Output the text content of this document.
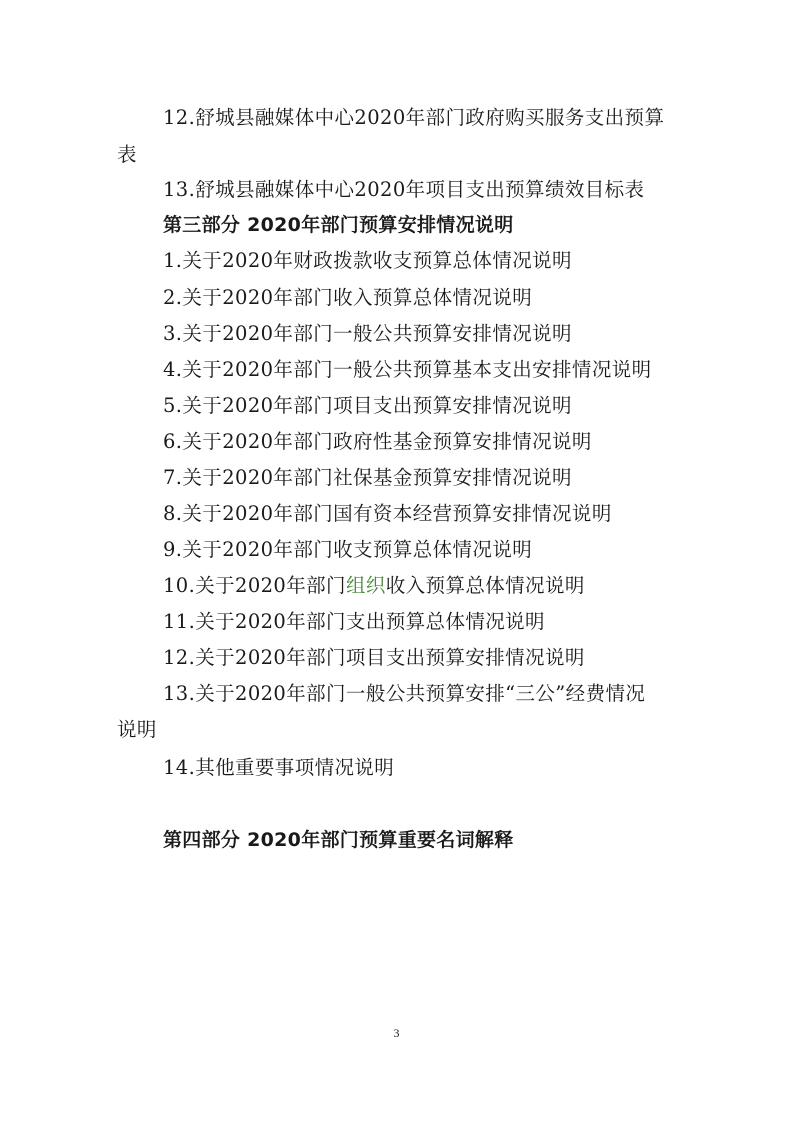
12.舒城县融媒体中心2020年部门政府购买服务支出预算
表
13.舒城县融媒体中心2020年项目支出预算绩效目标表
第三部分 2020年部门预算安排情况说明
1.关于2020年财政拨款收支预算总体情况说明
2.关于2020年部门收入预算总体情况说明
3.关于2020年部门一般公共预算安排情况说明
4.关于2020年部门一般公共预算基本支出安排情况说明
5.关于2020年部门项目支出预算安排情况说明
6.关于2020年部门政府性基金预算安排情况说明
7.关于2020年部门社保基金预算安排情况说明
8.关于2020年部门国有资本经营预算安排情况说明
9.关于2020年部门收支预算总体情况说明
10.关于2020年部门组织收入预算总体情况说明
11.关于2020年部门支出预算总体情况说明
12.关于2020年部门项目支出预算安排情况说明
13.关于2020年部门一般公共预算安排“三公”经费情况
说明
14.其他重要事项情况说明
第四部分 2020年部门预算重要名词解释
3
